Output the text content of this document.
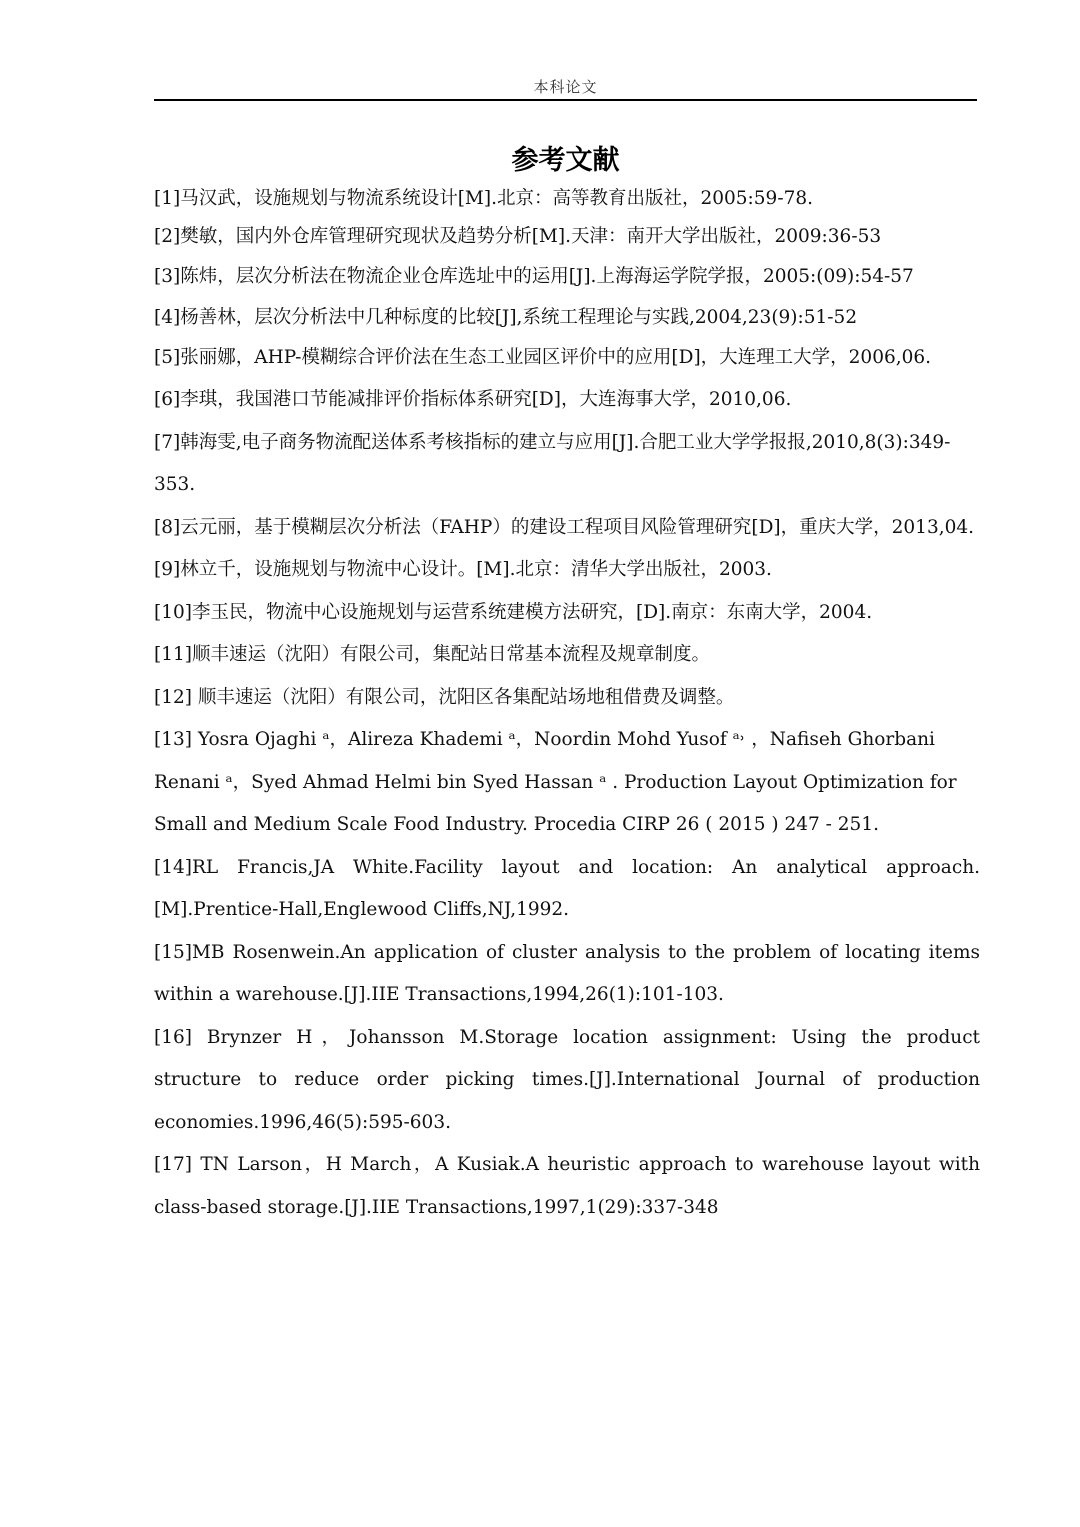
本科论文
参考文献
[1]马汉武，设施规划与物流系统设计[M].北京：高等教育出版社，2005:59-78.
[2]樊敏，国内外仓库管理研究现状及趋势分析[M].天津：南开大学出版社，2009:36-53
[3]陈炜，层次分析法在物流企业仓库选址中的运用[J].上海海运学院学报，2005:(09):54-57
[4]杨善林，层次分析法中几种标度的比较[J],系统工程理论与实践,2004,23(9):51-52
[5]张丽娜，AHP-模糊综合评价法在生态工业园区评价中的应用[D]，大连理工大学，2006,06.
[6]李琪，我国港口节能减排评价指标体系研究[D]，大连海事大学，2010,06.
[7]韩海雯,电子商务物流配送体系考核指标的建立与应用[J].合肥工业大学学报报,2010,8(3):349-353.
[8]云元丽，基于模糊层次分析法（FAHP）的建设工程项目风险管理研究[D]，重庆大学，2013,04.
[9]林立千，设施规划与物流中心设计。[M].北京：清华大学出版社，2003.
[10]李玉民，物流中心设施规划与运营系统建模方法研究，[D].南京：东南大学，2004.
[11]顺丰速运（沈阳）有限公司，集配站日常基本流程及规章制度。
[12] 顺丰速运（沈阳）有限公司，沈阳区各集配站场地租借费及调整。
[13] Yosra Ojaghi ᵃ，Alireza Khademi ᵃ，Noordin Mohd Yusof ᵃ˒ ，Nafiseh Ghorbani Renani ᵃ，Syed Ahmad Helmi bin Syed Hassan ᵃ . Production Layout Optimization for Small and Medium Scale Food Industry. Procedia CIRP 26 ( 2015 ) 247 - 251.
[14]RL Francis,JA White.Facility layout and location: An analytical approach.[M].Prentice-Hall,Englewood Cliffs,NJ,1992.
[15]MB Rosenwein.An application of cluster analysis to the problem of locating items within a warehouse.[J].IIE Transactions,1994,26(1):101-103.
[16] Brynzer H，Johansson M.Storage location assignment: Using the product structure to reduce order picking times.[J].International Journal of production economies.1996,46(5):595-603.
[17] TN Larson，H March，A Kusiak.A heuristic approach to warehouse layout with class-based storage.[J].IIE Transactions,1997,1(29):337-348
